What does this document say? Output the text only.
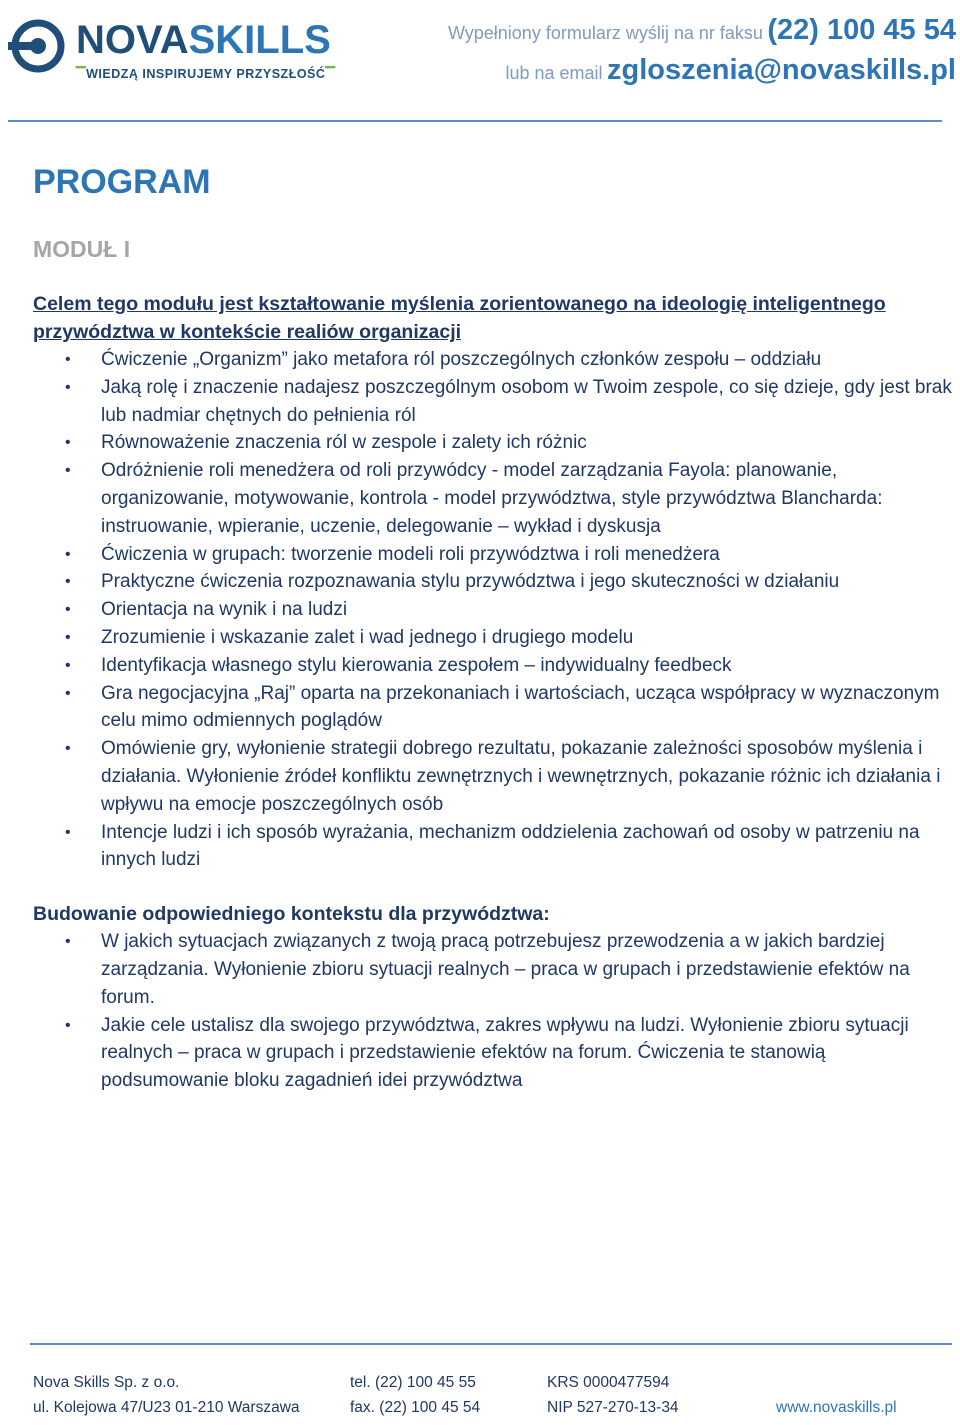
NOVASKILLS
▔WIEDZĄ INSPIRUJEMY PRZYSZŁOŚĆ▔
Wypełniony formularz wyślij na nr faksu (22) 100 45 54
lub na email zgloszenia@novaskills.pl
PROGRAM
MODUŁ I
Celem tego modułu jest kształtowanie myślenia zorientowanego na ideologię inteligentnego przywództwa w kontekście realiów organizacji
• Ćwiczenie „Organizm” jako metafora ról poszczególnych członków zespołu – oddziału
• Jaką rolę i znaczenie nadajesz poszczególnym osobom w Twoim zespole, co się dzieje, gdy jest brak lub nadmiar chętnych do pełnienia ról
• Równoważenie znaczenia ról w zespole i zalety ich różnic
• Odróżnienie roli menedżera od roli przywódcy - model zarządzania Fayola: planowanie, organizowanie, motywowanie, kontrola - model przywództwa, style przywództwa Blancharda: instruowanie, wpieranie, uczenie, delegowanie – wykład i dyskusja
• Ćwiczenia w grupach: tworzenie modeli roli przywództwa i roli menedżera
• Praktyczne ćwiczenia rozpoznawania stylu przywództwa i jego skuteczności w działaniu
• Orientacja na wynik i na ludzi
• Zrozumienie i wskazanie zalet i wad jednego i drugiego modelu
• Identyfikacja własnego stylu kierowania zespołem – indywidualny feedbeck
• Gra negocjacyjna „Raj” oparta na przekonaniach i wartościach, ucząca współpracy w wyznaczonym celu mimo odmiennych poglądów
• Omówienie gry, wyłonienie strategii dobrego rezultatu, pokazanie zależności sposobów myślenia i działania. Wyłonienie źródeł konfliktu zewnętrznych i wewnętrznych, pokazanie różnic ich działania i wpływu na emocje poszczególnych osób
• Intencje ludzi i ich sposób wyrażania, mechanizm oddzielenia zachowań od osoby w patrzeniu na innych ludzi
Budowanie odpowiedniego kontekstu dla przywództwa:
• W jakich sytuacjach związanych z twoją pracą potrzebujesz przewodzenia a w jakich bardziej zarządzania. Wyłonienie zbioru sytuacji realnych – praca w grupach i przedstawienie efektów na forum.
• Jakie cele ustalisz dla swojego przywództwa, zakres wpływu na ludzi. Wyłonienie zbioru sytuacji realnych – praca w grupach i przedstawienie efektów na forum. Ćwiczenia te stanowią podsumowanie bloku zagadnień idei przywództwa
Nova Skills Sp. z o.o.	tel. (22) 100 45 55	KRS 0000477594
ul. Kolejowa 47/U23 01-210 Warszawa	fax. (22) 100 45 54	NIP 527-270-13-34	www.novaskills.pl
